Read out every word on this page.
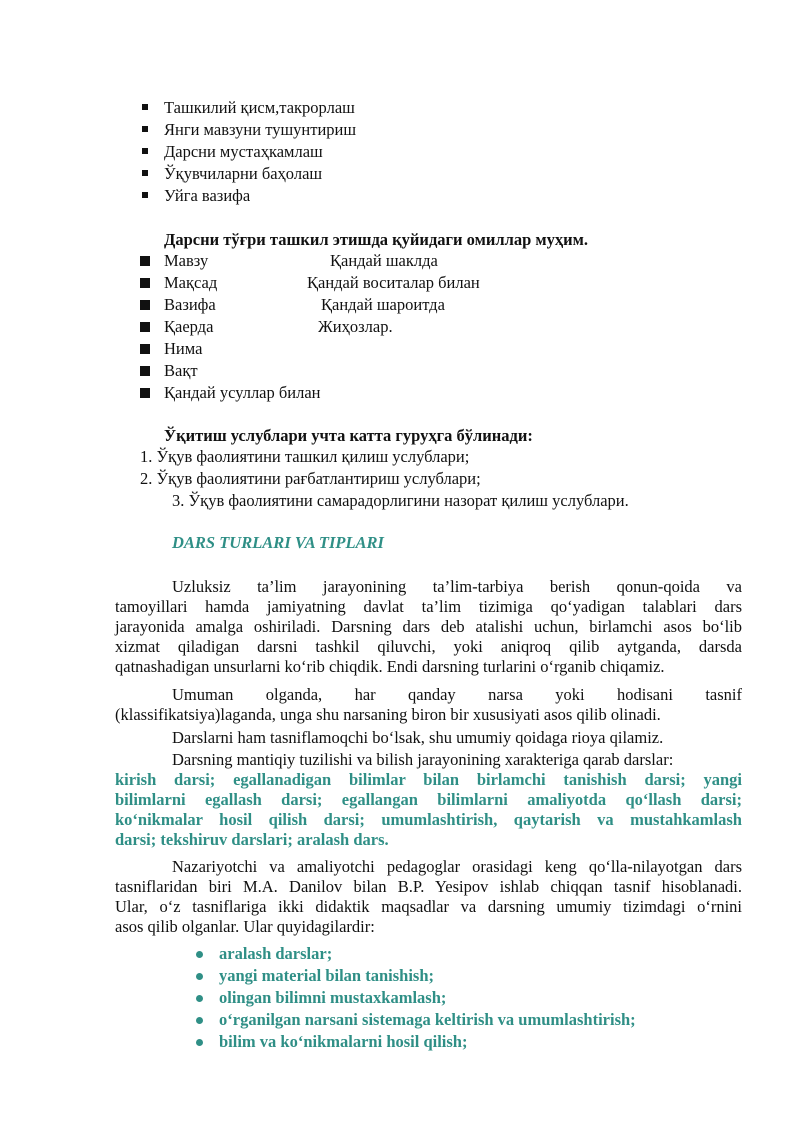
Ташкилий қисм,такрорлаш
Янги мавзуни тушунтириш
Дарсни мустаҳкамлаш
Ўқувчиларни баҳолаш
Уйга вазифа
Дарсни тўғри ташкил этишда қуйидаги омиллар муҳим.
Мавзу	Қандай шаклда
Мақсад	Қандай воситалар билан
Вазифа	Қандай шароитда
Қаерда	Жиҳозлар.
Нима
Вақт
Қандай усуллар билан
Ўқитиш услублари учта катта гуруҳга бўлинади:
1. Ўқув фаолиятини ташкил қилиш услублари;
2. Ўқув фаолиятини рағбатлантириш услублари;
3. Ўқув фаолиятини самарадорлигини назорат қилиш услублари.
DARS TURLARI VA TIPLARI
Uzluksiz ta’lim jarayonining ta’lim-tarbiya berish qonun-qoida va
tamoyillari hamda jamiyatning davlat ta’lim tizimiga qo‘yadigan talablari dars
jarayonida amalga oshiriladi. Darsning dars deb atalishi uchun, birlamchi asos bo‘lib
xizmat qiladigan darsni tashkil qiluvchi, yoki aniqroq qilib aytganda, darsda
qatnashadigan unsurlarni ko‘rib chiqdik. Endi darsning turlarini o‘rganib chiqamiz.
Umuman olganda, har qanday narsa yoki hodisani tasnif
(klassifikatsiya)laganda, unga shu narsaning biron bir xususiyati asos qilib olinadi.
Darslarni ham tasniflamoqchi bo‘lsak, shu umumiy qoidaga rioya qilamiz.
Darsning mantiqiy tuzilishi va bilish jarayonining xarakteriga qarab darslar:
kirish darsi; egallanadigan bilimlar bilan birlamchi tanishish darsi; yangi
bilimlarni egallash darsi; egallangan bilimlarni amaliyotda qo‘llash darsi;
ko‘nikmalar hosil qilish darsi; umumlashtirish, qaytarish va mustahkamlash
darsi; tekshiruv darslari; aralash dars.
Nazariyotchi va amaliyotchi pedagoglar orasidagi keng qo‘lla-nilayotgan dars
tasniflaridan biri M.A. Danilov bilan B.P. Yesipov ishlab chiqqan tasnif hisoblanadi.
Ular, o‘z tasniflariga ikki didaktik maqsadlar va darsning umumiy tizimdagi o‘rnini
asos qilib olganlar. Ular quyidagilardir:
aralash darslar;
yangi material bilan tanishish;
olingan bilimni mustaxkamlash;
o‘rganilgan narsani sistemaga keltirish va umumlashtirish;
bilim va ko‘nikmalarni hosil qilish;
